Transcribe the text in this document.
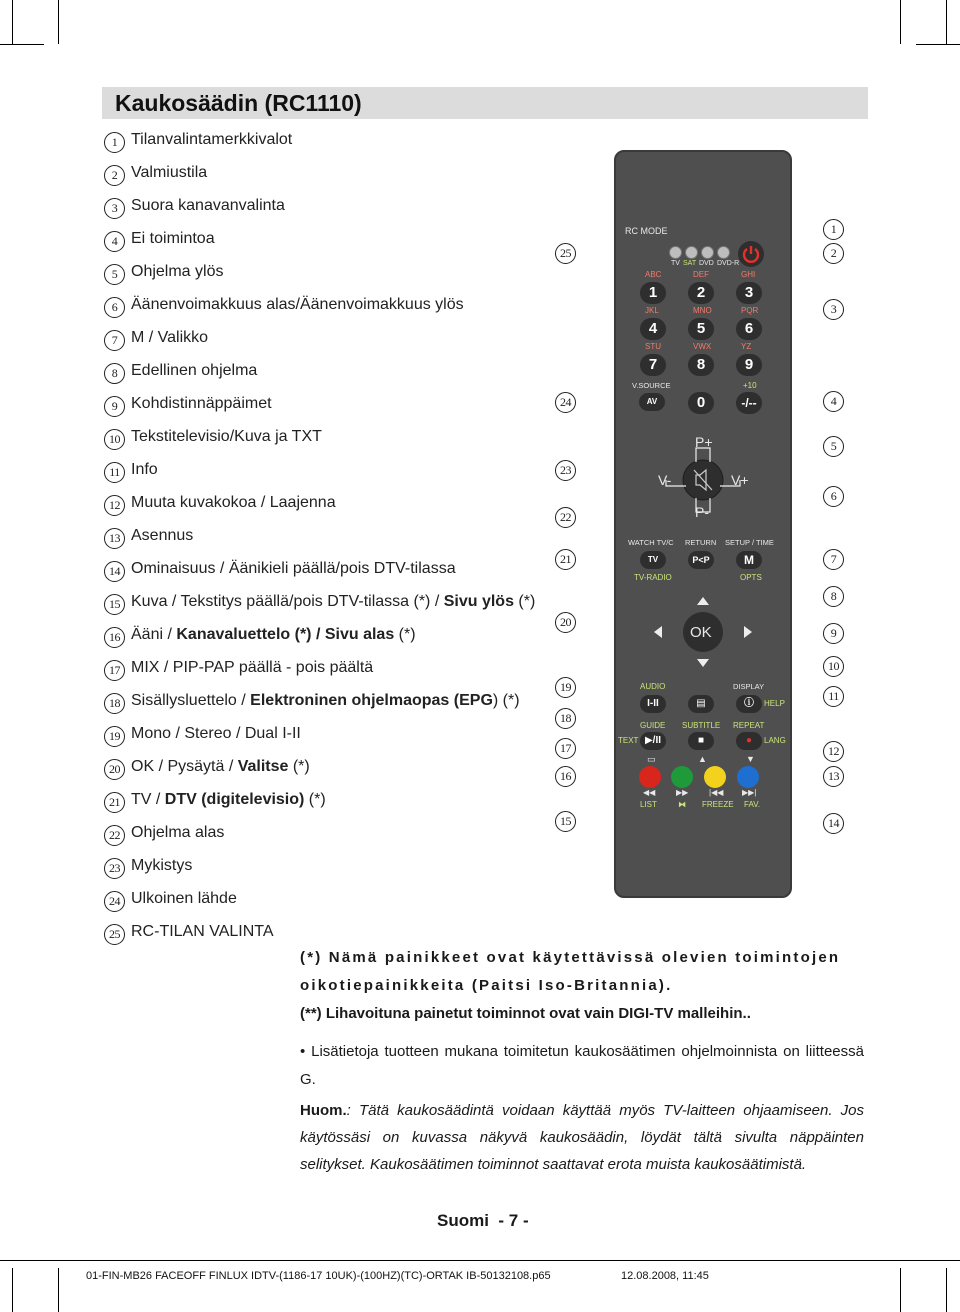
Kaukosäädin (RC1110)
1 Tilanvalintamerkkivalot
2 Valmiustila
3 Suora kanavanvalinta
4 Ei toimintoa
5 Ohjelma ylös
6 Äänenvoimakkuus alas/Äänenvoimakkuus ylös
7 M / Valikko
8 Edellinen ohjelma
9 Kohdistinnäppäimet
10 Tekstitelevisio/Kuva ja TXT
11 Info
12 Muuta kuvakokoa / Laajenna
13 Asennus
14 Ominaisuus / Äänikieli päällä/pois DTV-tilassa
15 Kuva / Tekstitys päällä/pois DTV-tilassa (*) / Sivu ylös (*)
16 Ääni / Kanavaluettelo (*) / Sivu alas (*)
17 MIX / PIP-PAP päällä - pois päältä
18 Sisällysluettelo / Elektroninen ohjelmaopas (EPG) (*)
19 Mono / Stereo / Dual I-II
20 OK / Pysäytä / Valitse (*)
21 TV / DTV (digitelevisio) (*)
22 Ohjelma alas
23 Mykistys
24 Ulkoinen lähde
25 RC-TILAN VALINTA
RC MODE
TV SAT DVD DVD-R
V.SOURCE
AV	0
+10
-/--
P+
P-
V-	V+
WATCH TV/C RETURN SETUP / TIME
TV	P<P	M
TV-RADIO	OPTS
OK
AUDIO	DISPLAY
I-II	▤	ⓘ	HELP
GUIDE SUBTITLE REPEAT
TEXT ▶/II	■	●	LANG
▭	▲	▼
◀◀	▶▶	|◀◀ ▶▶|
LIST	⧓ FREEZE FAV.
ABC
1
DEF
2
GHI
3
JKL
4
MNO
5
PQR
6
STU
7
VWX
8
YZ
9
1
2
3
4
5
6
7
8
9
10
11
12
13
14
15
16
17
18
19
20
21
22
23
24
25
(*) Nämä painikkeet ovat käytettävissä olevien toimintojen oikotiepainikkeita (Paitsi Iso-Britannia).
(**) Lihavoituna painetut toiminnot ovat vain DIGI-TV malleihin..
• Lisätietoja tuotteen mukana toimitetun kaukosäätimen ohjelmoinnista on liitteessä G.
Huom.: Tätä kaukosäädintä voidaan käyttää myös TV-laitteen ohjaamiseen. Jos käytössäsi on kuvassa näkyvä kaukosäädin, löydät tältä sivulta näppäinten selitykset. Kaukosäätimen toiminnot saattavat erota muista kaukosäätimistä.
Suomi  - 7 -
01-FIN-MB26 FACEOFF FINLUX IDTV-(1186-17 10UK)-(100HZ)(TC)-ORTAK IB-50132108.p65	12.08.2008, 11:45
